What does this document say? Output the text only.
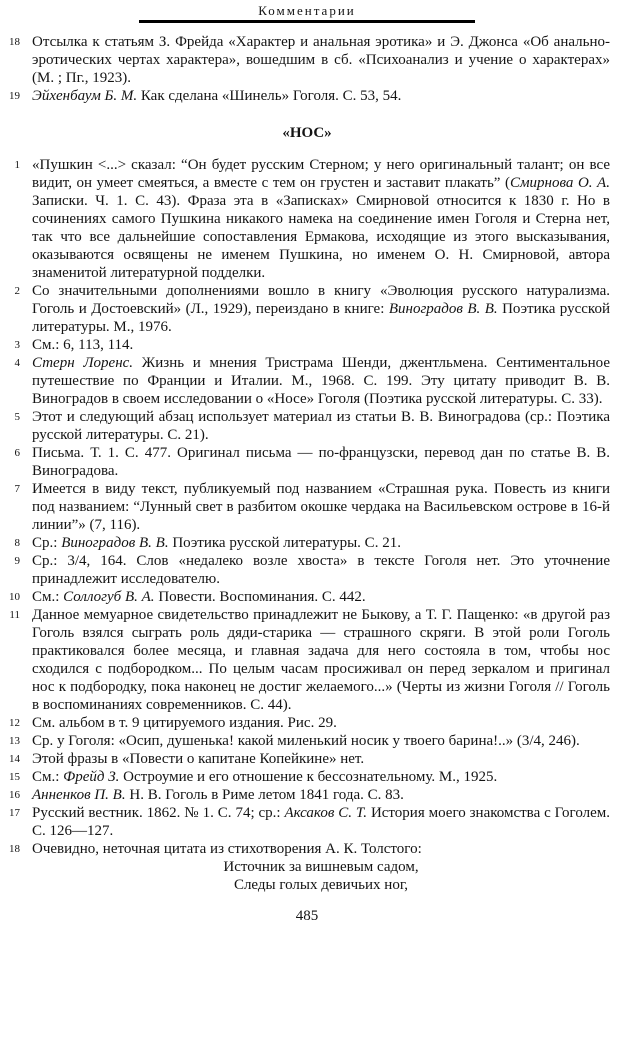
Комментарии
18 Отсылка к статьям З. Фрейда «Характер и анальная эротика» и Э. Джонса «Об анально-эротических чертах характера», вошедшим в сб. «Психоанализ и учение о характерах» (М. ; Пг., 1923).
19 Эйхенбаум Б. М. Как сделана «Шинель» Гоголя. С. 53, 54.
«НОС»
1 «Пушкин <...> сказал: “Он будет русским Стерном; у него оригинальный талант; он все видит, он умеет смеяться, а вместе с тем он грустен и заставит плакать” (Смирнова О. А. Записки. Ч. 1. С. 43). Фраза эта в «Записках» Смирновой относится к 1830 г. Но в сочинениях самого Пушкина никакого намека на соединение имен Гоголя и Стерна нет, так что все дальнейшие сопоставления Ермакова, исходящие из этого высказывания, оказываются освящены не именем Пушкина, но именем О. Н. Смирновой, автора знаменитой литературной подделки.
2 Со значительными дополнениями вошло в книгу «Эволюция русского натурализма. Гоголь и Достоевский» (Л., 1929), переиздано в книге: Виноградов В. В. Поэтика русской литературы. М., 1976.
3 См.: 6, 113, 114.
4 Стерн Лоренс. Жизнь и мнения Тристрама Шенди, джентльмена. Сентиментальное путешествие по Франции и Италии. М., 1968. С. 199. Эту цитату приводит В. В. Виноградов в своем исследовании о «Носе» Гоголя (Поэтика русской литературы. С. 33).
5 Этот и следующий абзац использует материал из статьи В. В. Виноградова (ср.: Поэтика русской литературы. С. 21).
6 Письма. Т. 1. С. 477. Оригинал письма — по-французски, перевод дан по статье В. В. Виноградова.
7 Имеется в виду текст, публикуемый под названием «Страшная рука. Повесть из книги под названием: “Лунный свет в разбитом окошке чердака на Васильевском острове в 16-й линии”» (7, 116).
8 Ср.: Виноградов В. В. Поэтика русской литературы. С. 21.
9 Ср.: 3/4, 164. Слов «недалеко возле хвоста» в тексте Гоголя нет. Это уточнение принадлежит исследователю.
10 См.: Соллогуб В. А. Повести. Воспоминания. С. 442.
11 Данное мемуарное свидетельство принадлежит не Быкову, а Т. Г. Пащенко: «в другой раз Гоголь взялся сыграть роль дяди-старика — страшного скряги. В этой роли Гоголь практиковался более месяца, и главная задача для него состояла в том, чтобы нос сходился с подбородком... По целым часам просиживал он перед зеркалом и пригинал нос к подбородку, пока наконец не достиг желаемого...» (Черты из жизни Гоголя // Гоголь в воспоминаниях современников. С. 44).
12 См. альбом в т. 9 цитируемого издания. Рис. 29.
13 Ср. у Гоголя: «Осип, душенька! какой миленький носик у твоего барина!..» (3/4, 246).
14 Этой фразы в «Повести о капитане Копейкине» нет.
15 См.: Фрейд З. Остроумие и его отношение к бессознательному. М., 1925.
16 Анненков П. В. Н. В. Гоголь в Риме летом 1841 года. С. 83.
17 Русский вестник. 1862. № 1. С. 74; ср.: Аксаков С. Т. История моего знакомства с Гоголем. С. 126—127.
18 Очевидно, неточная цитата из стихотворения А. К. Толстого:
Источник за вишневым садом,
Следы голых девичьих ног,
485
